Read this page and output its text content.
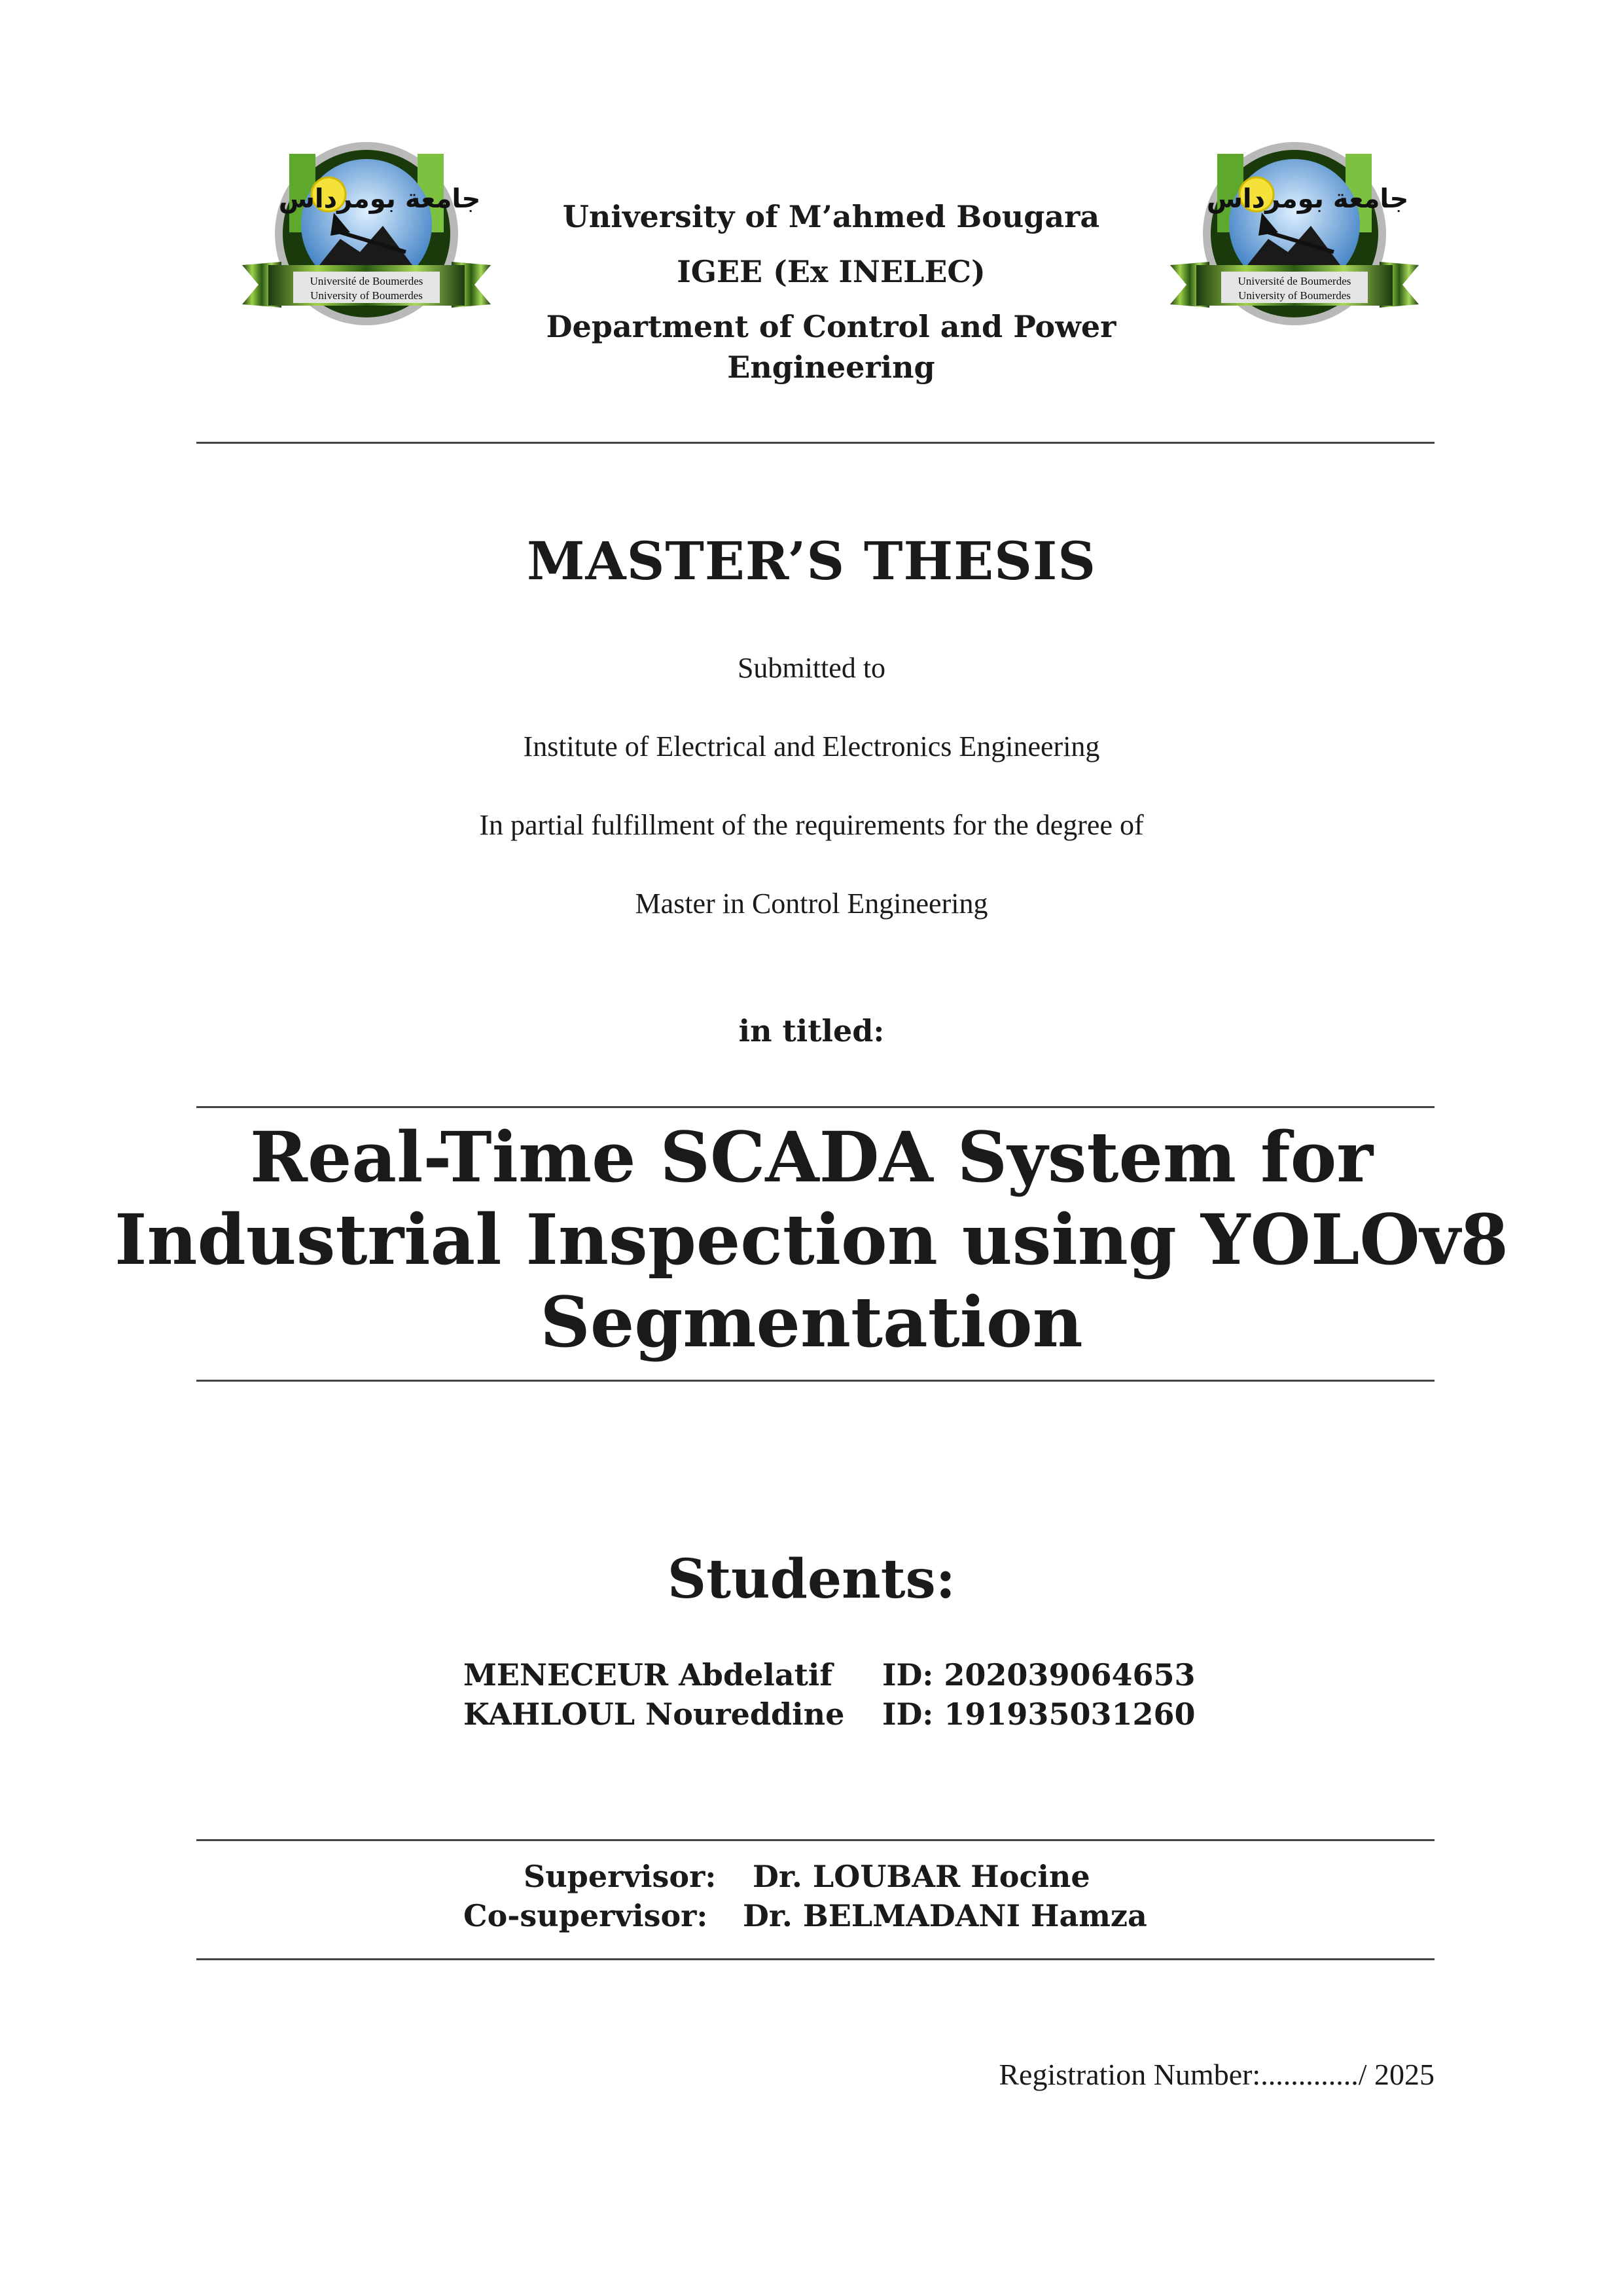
جامعة بومرداس
Université de Boumerdes
University of Boumerdes
جامعة بومرداس
Université de Boumerdes
University of Boumerdes
University of M’ahmed Bougara
IGEE (Ex INELEC)
Department of Control and Power
Engineering
MASTER’S THESIS
Submitted to
Institute of Electrical and Electronics Engineering
In partial fulfillment of the requirements for the degree of
Master in Control Engineering
in titled:
Real-Time SCADA System for
Industrial Inspection using YOLOv8
Segmentation
Students:
MENECEUR Abdelatif ID: 202039064653
KAHLOUL Noureddine ID: 191935031260
Supervisor: Dr. LOUBAR Hocine
Co-supervisor: Dr. BELMADANI Hamza
Registration Number:............./ 2025
